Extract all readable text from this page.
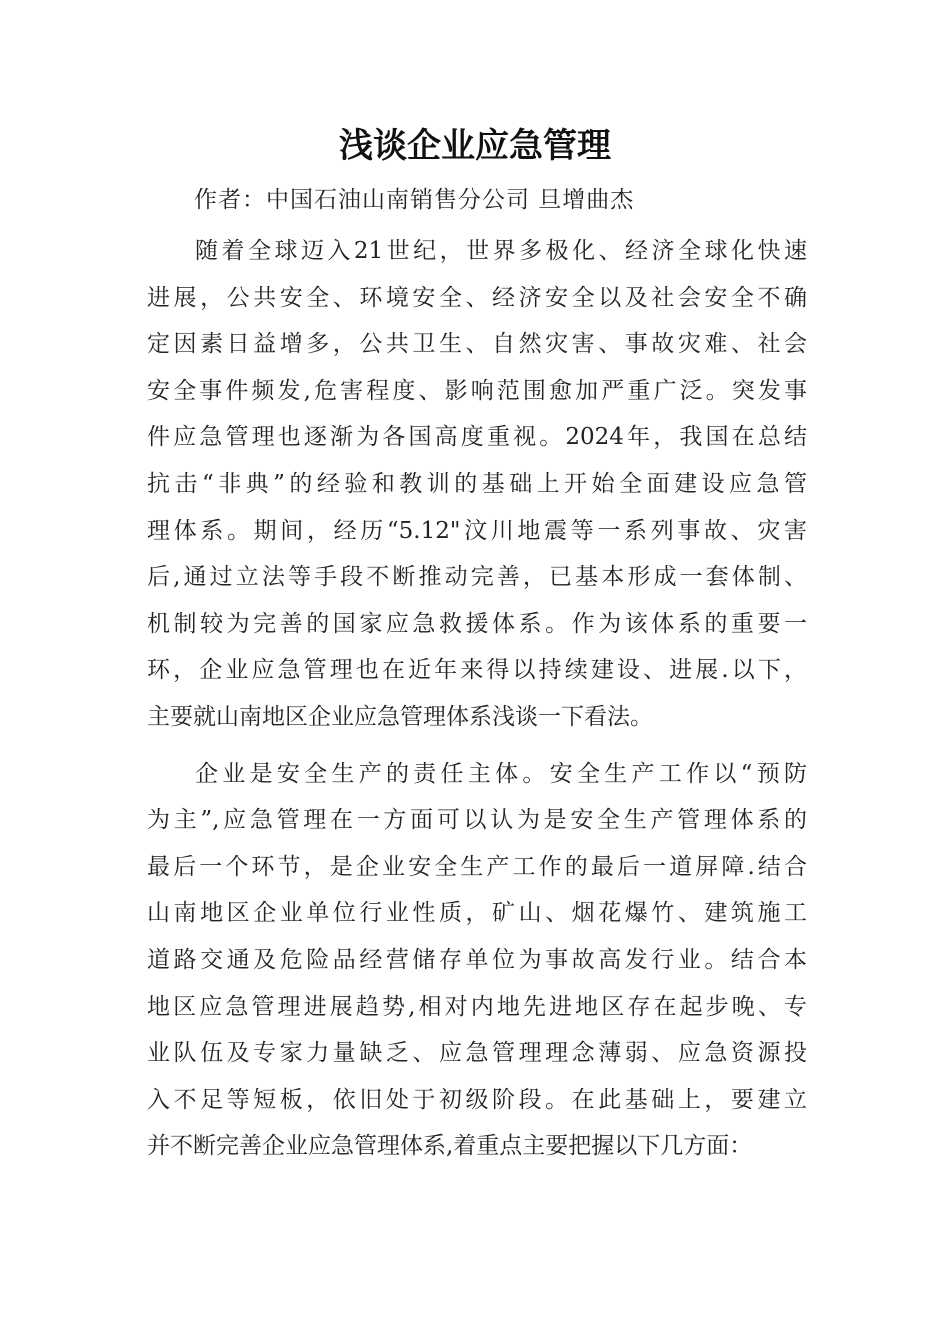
浅谈企业应急管理
作者：中国石油山南销售分公司 旦增曲杰

随着全球迈入21世纪，世界多极化、经济全球化快速
进展，公共安全、环境安全、经济安全以及社会安全不确
定因素日益增多，公共卫生、自然灾害、事故灾难、社会
安全事件频发,危害程度、影响范围愈加严重广泛。突发事
件应急管理也逐渐为各国高度重视。2024年，我国在总结
抗击“非典”的经验和教训的基础上开始全面建设应急管
理体系。期间，经历“5.12"汶川地震等一系列事故、灾害
后,通过立法等手段不断推动完善，已基本形成一套体制、
机制较为完善的国家应急救援体系。作为该体系的重要一
环，企业应急管理也在近年来得以持续建设、进展.以下，
主要就山南地区企业应急管理体系浅谈一下看法。

企业是安全生产的责任主体。安全生产工作以“预防
为主”,应急管理在一方面可以认为是安全生产管理体系的
最后一个环节，是企业安全生产工作的最后一道屏障.结合
山南地区企业单位行业性质，矿山、烟花爆竹、建筑施工
道路交通及危险品经营储存单位为事故高发行业。结合本
地区应急管理进展趋势,相对内地先进地区存在起步晚、专
业队伍及专家力量缺乏、应急管理理念薄弱、应急资源投
入不足等短板，依旧处于初级阶段。在此基础上，要建立
并不断完善企业应急管理体系,着重点主要把握以下几方面：
